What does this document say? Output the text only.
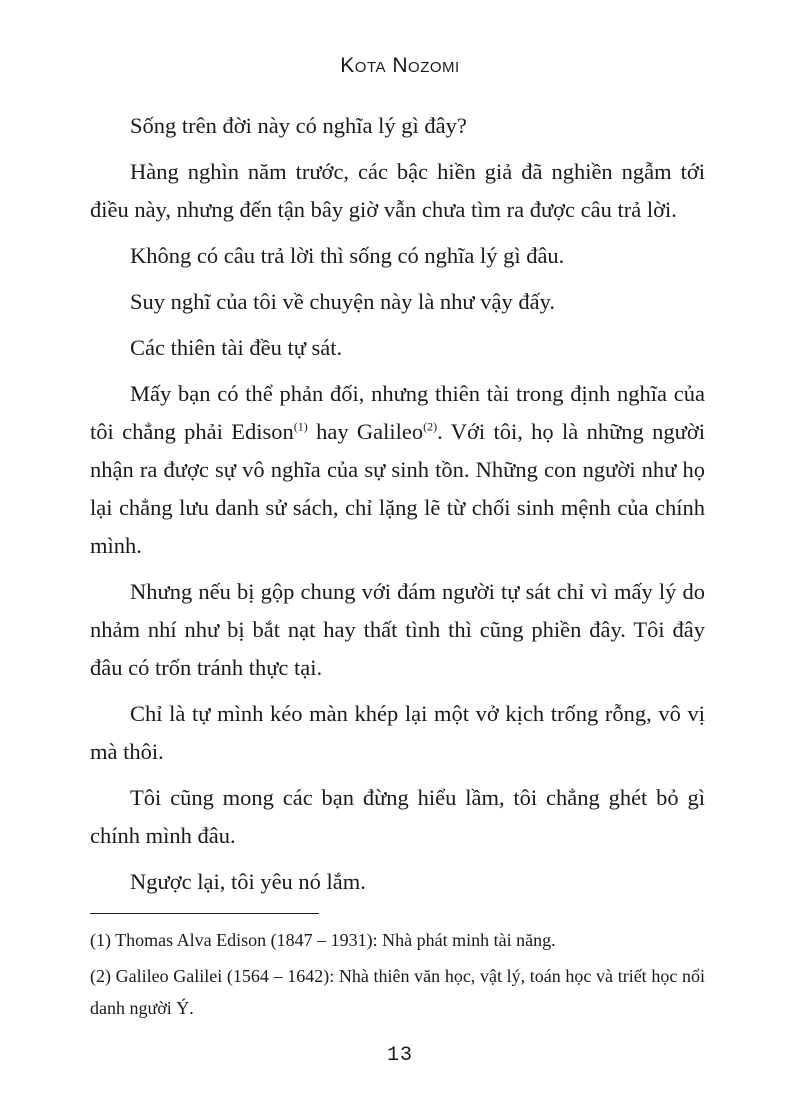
Kota Nozomi

Sống trên đời này có nghĩa lý gì đây?

Hàng nghìn năm trước, các bậc hiền giả đã nghiền ngẫm tới điều này, nhưng đến tận bây giờ vẫn chưa tìm ra được câu trả lời.

Không có câu trả lời thì sống có nghĩa lý gì đâu.

Suy nghĩ của tôi về chuyện này là như vậy đấy.

Các thiên tài đều tự sát.

Mấy bạn có thể phản đối, nhưng thiên tài trong định nghĩa của tôi chẳng phải Edison$^{(1)}$ hay Galileo$^{(2)}$. Với tôi, họ là những người nhận ra được sự vô nghĩa của sự sinh tồn. Những con người như họ lại chẳng lưu danh sử sách, chỉ lặng lẽ từ chối sinh mệnh của chính mình.

Nhưng nếu bị gộp chung với đám người tự sát chỉ vì mấy lý do nhảm nhí như bị bắt nạt hay thất tình thì cũng phiền đây. Tôi đây đâu có trốn tránh thực tại.

Chỉ là tự mình kéo màn khép lại một vở kịch trống rỗng, vô vị mà thôi.

Tôi cũng mong các bạn đừng hiểu lầm, tôi chẳng ghét bỏ gì chính mình đâu.

Ngược lại, tôi yêu nó lắm.

(1) Thomas Alva Edison (1847 – 1931): Nhà phát minh tài năng.

(2) Galileo Galilei (1564 – 1642): Nhà thiên văn học, vật lý, toán học và triết học nổi danh người Ý.

13
